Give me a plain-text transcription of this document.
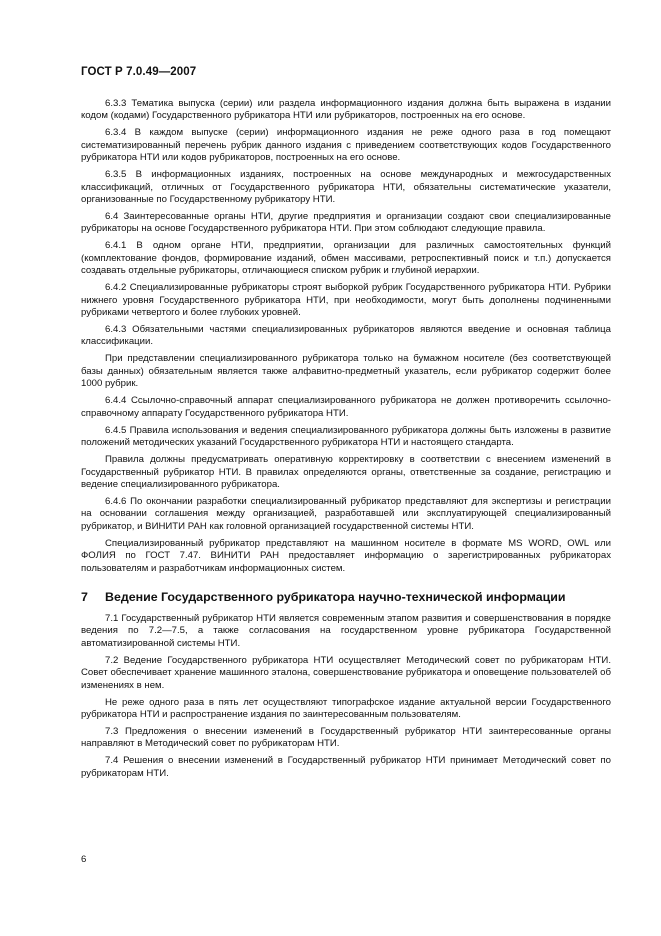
ГОСТ Р 7.0.49—2007

6.3.3 Тематика выпуска (серии) или раздела информационного издания должна быть выражена в издании кодом (кодами) Государственного рубрикатора НТИ или рубрикаторов, построенных на его основе.

6.3.4 В каждом выпуске (серии) информационного издания не реже одного раза в год помещают систематизированный перечень рубрик данного издания с приведением соответствующих кодов Государственного рубрикатора НТИ или кодов рубрикаторов, построенных на его основе.

6.3.5 В информационных изданиях, построенных на основе международных и межгосударственных классификаций, отличных от Государственного рубрикатора НТИ, обязательны систематические указатели, организованные по Государственному рубрикатору НТИ.

6.4 Заинтересованные органы НТИ, другие предприятия и организации создают свои специализированные рубрикаторы на основе Государственного рубрикатора НТИ. При этом соблюдают следующие правила.

6.4.1 В одном органе НТИ, предприятии, организации для различных самостоятельных функций (комплектование фондов, формирование изданий, обмен массивами, ретроспективный поиск и т.п.) допускается создавать отдельные рубрикаторы, отличающиеся списком рубрик и глубиной иерархии.

6.4.2 Специализированные рубрикаторы строят выборкой рубрик Государственного рубрикатора НТИ. Рубрики нижнего уровня Государственного рубрикатора НТИ, при необходимости, могут быть дополнены подчиненными рубриками четвертого и более глубоких уровней.

6.4.3 Обязательными частями специализированных рубрикаторов являются введение и основная таблица классификации.

При представлении специализированного рубрикатора только на бумажном носителе (без соответствующей базы данных) обязательным является также алфавитно-предметный указатель, если рубрикатор содержит более 1000 рубрик.

6.4.4 Ссылочно-справочный аппарат специализированного рубрикатора не должен противоречить ссылочно-справочному аппарату Государственного рубрикатора НТИ.

6.4.5 Правила использования и ведения специализированного рубрикатора должны быть изложены в развитие положений методических указаний Государственного рубрикатора НТИ и настоящего стандарта.

Правила должны предусматривать оперативную корректировку в соответствии с внесением изменений в Государственный рубрикатор НТИ. В правилах определяются органы, ответственные за создание, регистрацию и ведение специализированного рубрикатора.

6.4.6 По окончании разработки специализированный рубрикатор представляют для экспертизы и регистрации на основании соглашения между организацией, разработавшей или эксплуатирующей специализированный рубрикатор, и ВИНИТИ РАН как головной организацией государственной системы НТИ.

Специализированный рубрикатор представляют на машинном носителе в формате MS WORD, OWL или ФОЛИЯ по ГОСТ 7.47. ВИНИТИ РАН предоставляет информацию о зарегистрированных рубрикаторах пользователям и разработчикам информационных систем.

7 Ведение Государственного рубрикатора научно-технической информации

7.1 Государственный рубрикатор НТИ является современным этапом развития и совершенствования в порядке ведения по 7.2—7.5, а также согласования на государственном уровне рубрикатора Государственной автоматизированной системы НТИ.

7.2 Ведение Государственного рубрикатора НТИ осуществляет Методический совет по рубрикаторам НТИ. Совет обеспечивает хранение машинного эталона, совершенствование рубрикатора и оповещение пользователей об изменениях в нем.

Не реже одного раза в пять лет осуществляют типографское издание актуальной версии Государственного рубрикатора НТИ и распространение издания по заинтересованным пользователям.

7.3 Предложения о внесении изменений в Государственный рубрикатор НТИ заинтересованные органы направляют в Методический совет по рубрикаторам НТИ.

7.4 Решения о внесении изменений в Государственный рубрикатор НТИ принимает Методический совет по рубрикаторам НТИ.

6
